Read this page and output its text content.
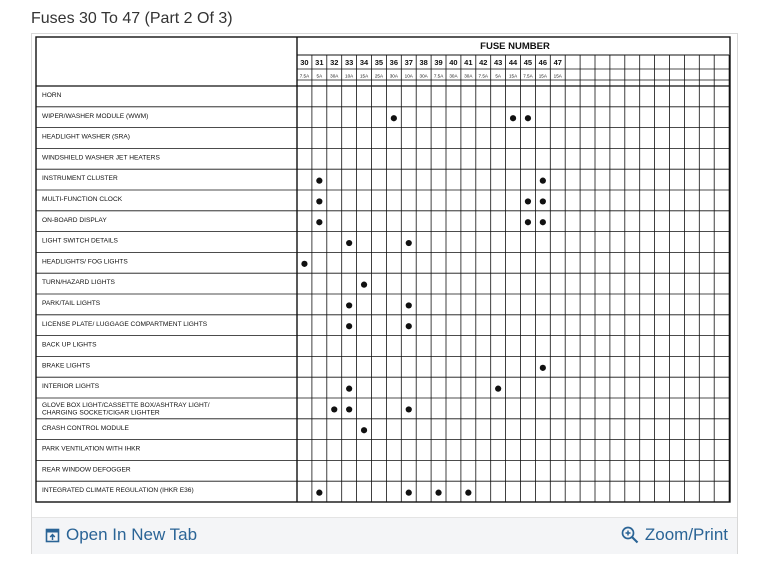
Fuses 30 To 47 (Part 2 Of 3)
FUSE NUMBER
30 31 32 33 34 35 36 37 38 39 40 41 42 43 44 45 46 47
7.5A 5A 30A 10A 15A 25A 30A 10A 30A 7.5A 30A 30A 7.5A 5A 15A 7.5A 15A 15A
HORN
WIPER/WASHER MODULE (WWM)
HEADLIGHT WASHER (SRA)
WINDSHIELD WASHER JET HEATERS
INSTRUMENT CLUSTER
MULTI-FUNCTION CLOCK
ON-BOARD DISPLAY
LIGHT SWITCH DETAILS
HEADLIGHTS/ FOG LIGHTS
TURN/HAZARD LIGHTS
PARK/TAIL LIGHTS
LICENSE PLATE/ LUGGAGE COMPARTMENT LIGHTS
BACK UP LIGHTS
BRAKE LIGHTS
INTERIOR LIGHTS
GLOVE BOX LIGHT/CASSETTE BOX/ASHTRAY LIGHT/ CHARGING SOCKET/CIGAR LIGHTER
CRASH CONTROL MODULE
PARK VENTILATION WITH IHKR
REAR WINDOW DEFOGGER
INTEGRATED CLIMATE REGULATION (IHKR E36)
Open In New Tab	Zoom/Print
